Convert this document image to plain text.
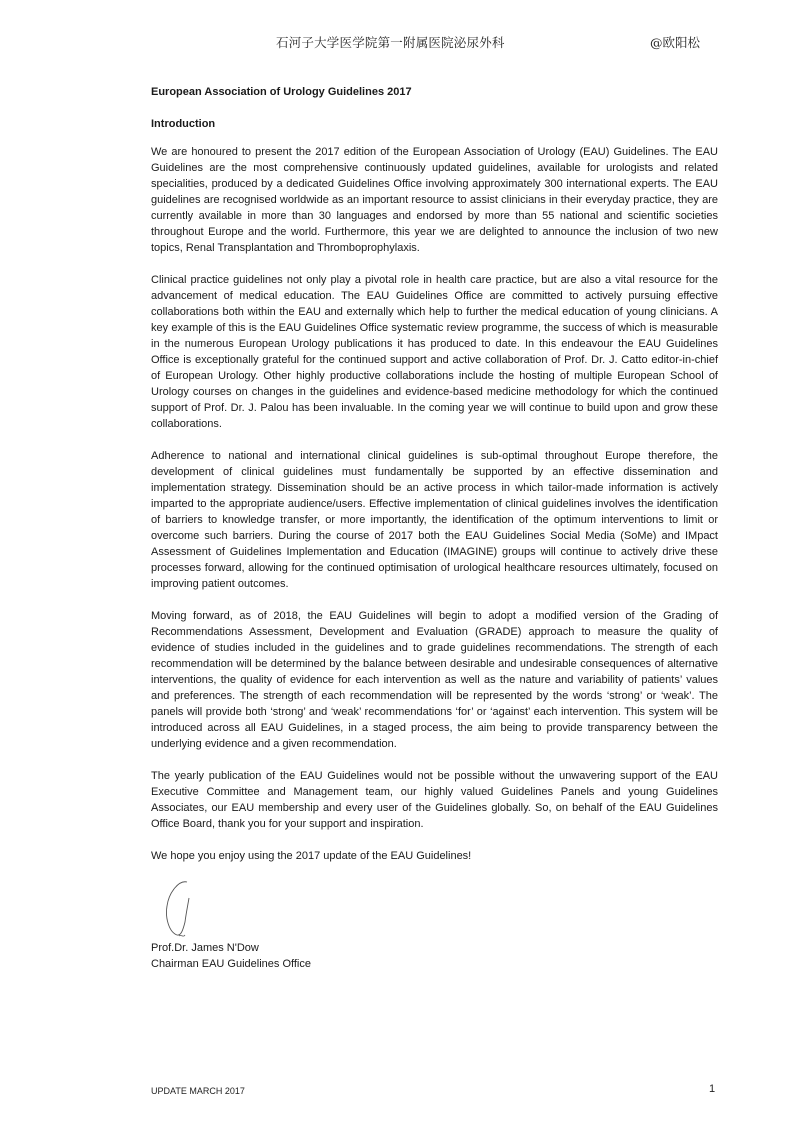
石河子大学医学院第一附属医院泌尿外科	@欧阳松
European Association of Urology Guidelines 2017
Introduction

We are honoured to present the 2017 edition of the European Association of Urology (EAU) Guidelines. The EAU Guidelines are the most comprehensive continuously updated guidelines, available for urologists and related specialities, produced by a dedicated Guidelines Office involving approximately 300 international experts. The EAU guidelines are recognised worldwide as an important resource to assist clinicians in their everyday practice, they are currently available in more than 30 languages and endorsed by more than 55 national and scientific societies throughout Europe and the world. Furthermore, this year we are delighted to announce the inclusion of two new topics, Renal Transplantation and Thromboprophylaxis.

Clinical practice guidelines not only play a pivotal role in health care practice, but are also a vital resource for the advancement of medical education. The EAU Guidelines Office are committed to actively pursuing effective collaborations both within the EAU and externally which help to further the medical education of young clinicians. A key example of this is the EAU Guidelines Office systematic review programme, the success of which is measurable in the numerous European Urology publications it has produced to date. In this endeavour the EAU Guidelines Office is exceptionally grateful for the continued support and active collaboration of Prof. Dr. J. Catto editor-in-chief of European Urology. Other highly productive collaborations include the hosting of multiple European School of Urology courses on changes in the guidelines and evidence-based medicine methodology for which the continued support of Prof. Dr. J. Palou has been invaluable. In the coming year we will continue to build upon and grow these collaborations.

Adherence to national and international clinical guidelines is sub-optimal throughout Europe therefore, the development of clinical guidelines must fundamentally be supported by an effective dissemination and implementation strategy. Dissemination should be an active process in which tailor-made information is actively imparted to the appropriate audience/users. Effective implementation of clinical guidelines involves the identification of barriers to knowledge transfer, or more importantly, the identification of the optimum interventions to limit or overcome such barriers. During the course of 2017 both the EAU Guidelines Social Media (SoMe) and IMpact Assessment of Guidelines Implementation and Education (IMAGINE) groups will continue to actively drive these processes forward, allowing for the continued optimisation of urological healthcare resources ultimately, focused on improving patient outcomes.

Moving forward, as of 2018, the EAU Guidelines will begin to adopt a modified version of the Grading of Recommendations Assessment, Development and Evaluation (GRADE) approach to measure the quality of evidence of studies included in the guidelines and to grade guidelines recommendations. The strength of each recommendation will be determined by the balance between desirable and undesirable consequences of alternative interventions, the quality of evidence for each intervention as well as the nature and variability of patients’ values and preferences. The strength of each recommendation will be represented by the words ‘strong’ or ‘weak’. The panels will provide both ‘strong’ and ‘weak’ recommendations ‘for’ or ‘against’ each intervention. This system will be introduced across all EAU Guidelines, in a staged process, the aim being to provide transparency between the underlying evidence and a given recommendation.

The yearly publication of the EAU Guidelines would not be possible without the unwavering support of the EAU Executive Committee and Management team, our highly valued Guidelines Panels and young Guidelines Associates, our EAU membership and every user of the Guidelines globally. So, on behalf of the EAU Guidelines Office Board, thank you for your support and inspiration.

We hope you enjoy using the 2017 update of the EAU Guidelines!

Prof.Dr. James N'Dow
Chairman EAU Guidelines Office
UPDATE MARCH 2017	1
